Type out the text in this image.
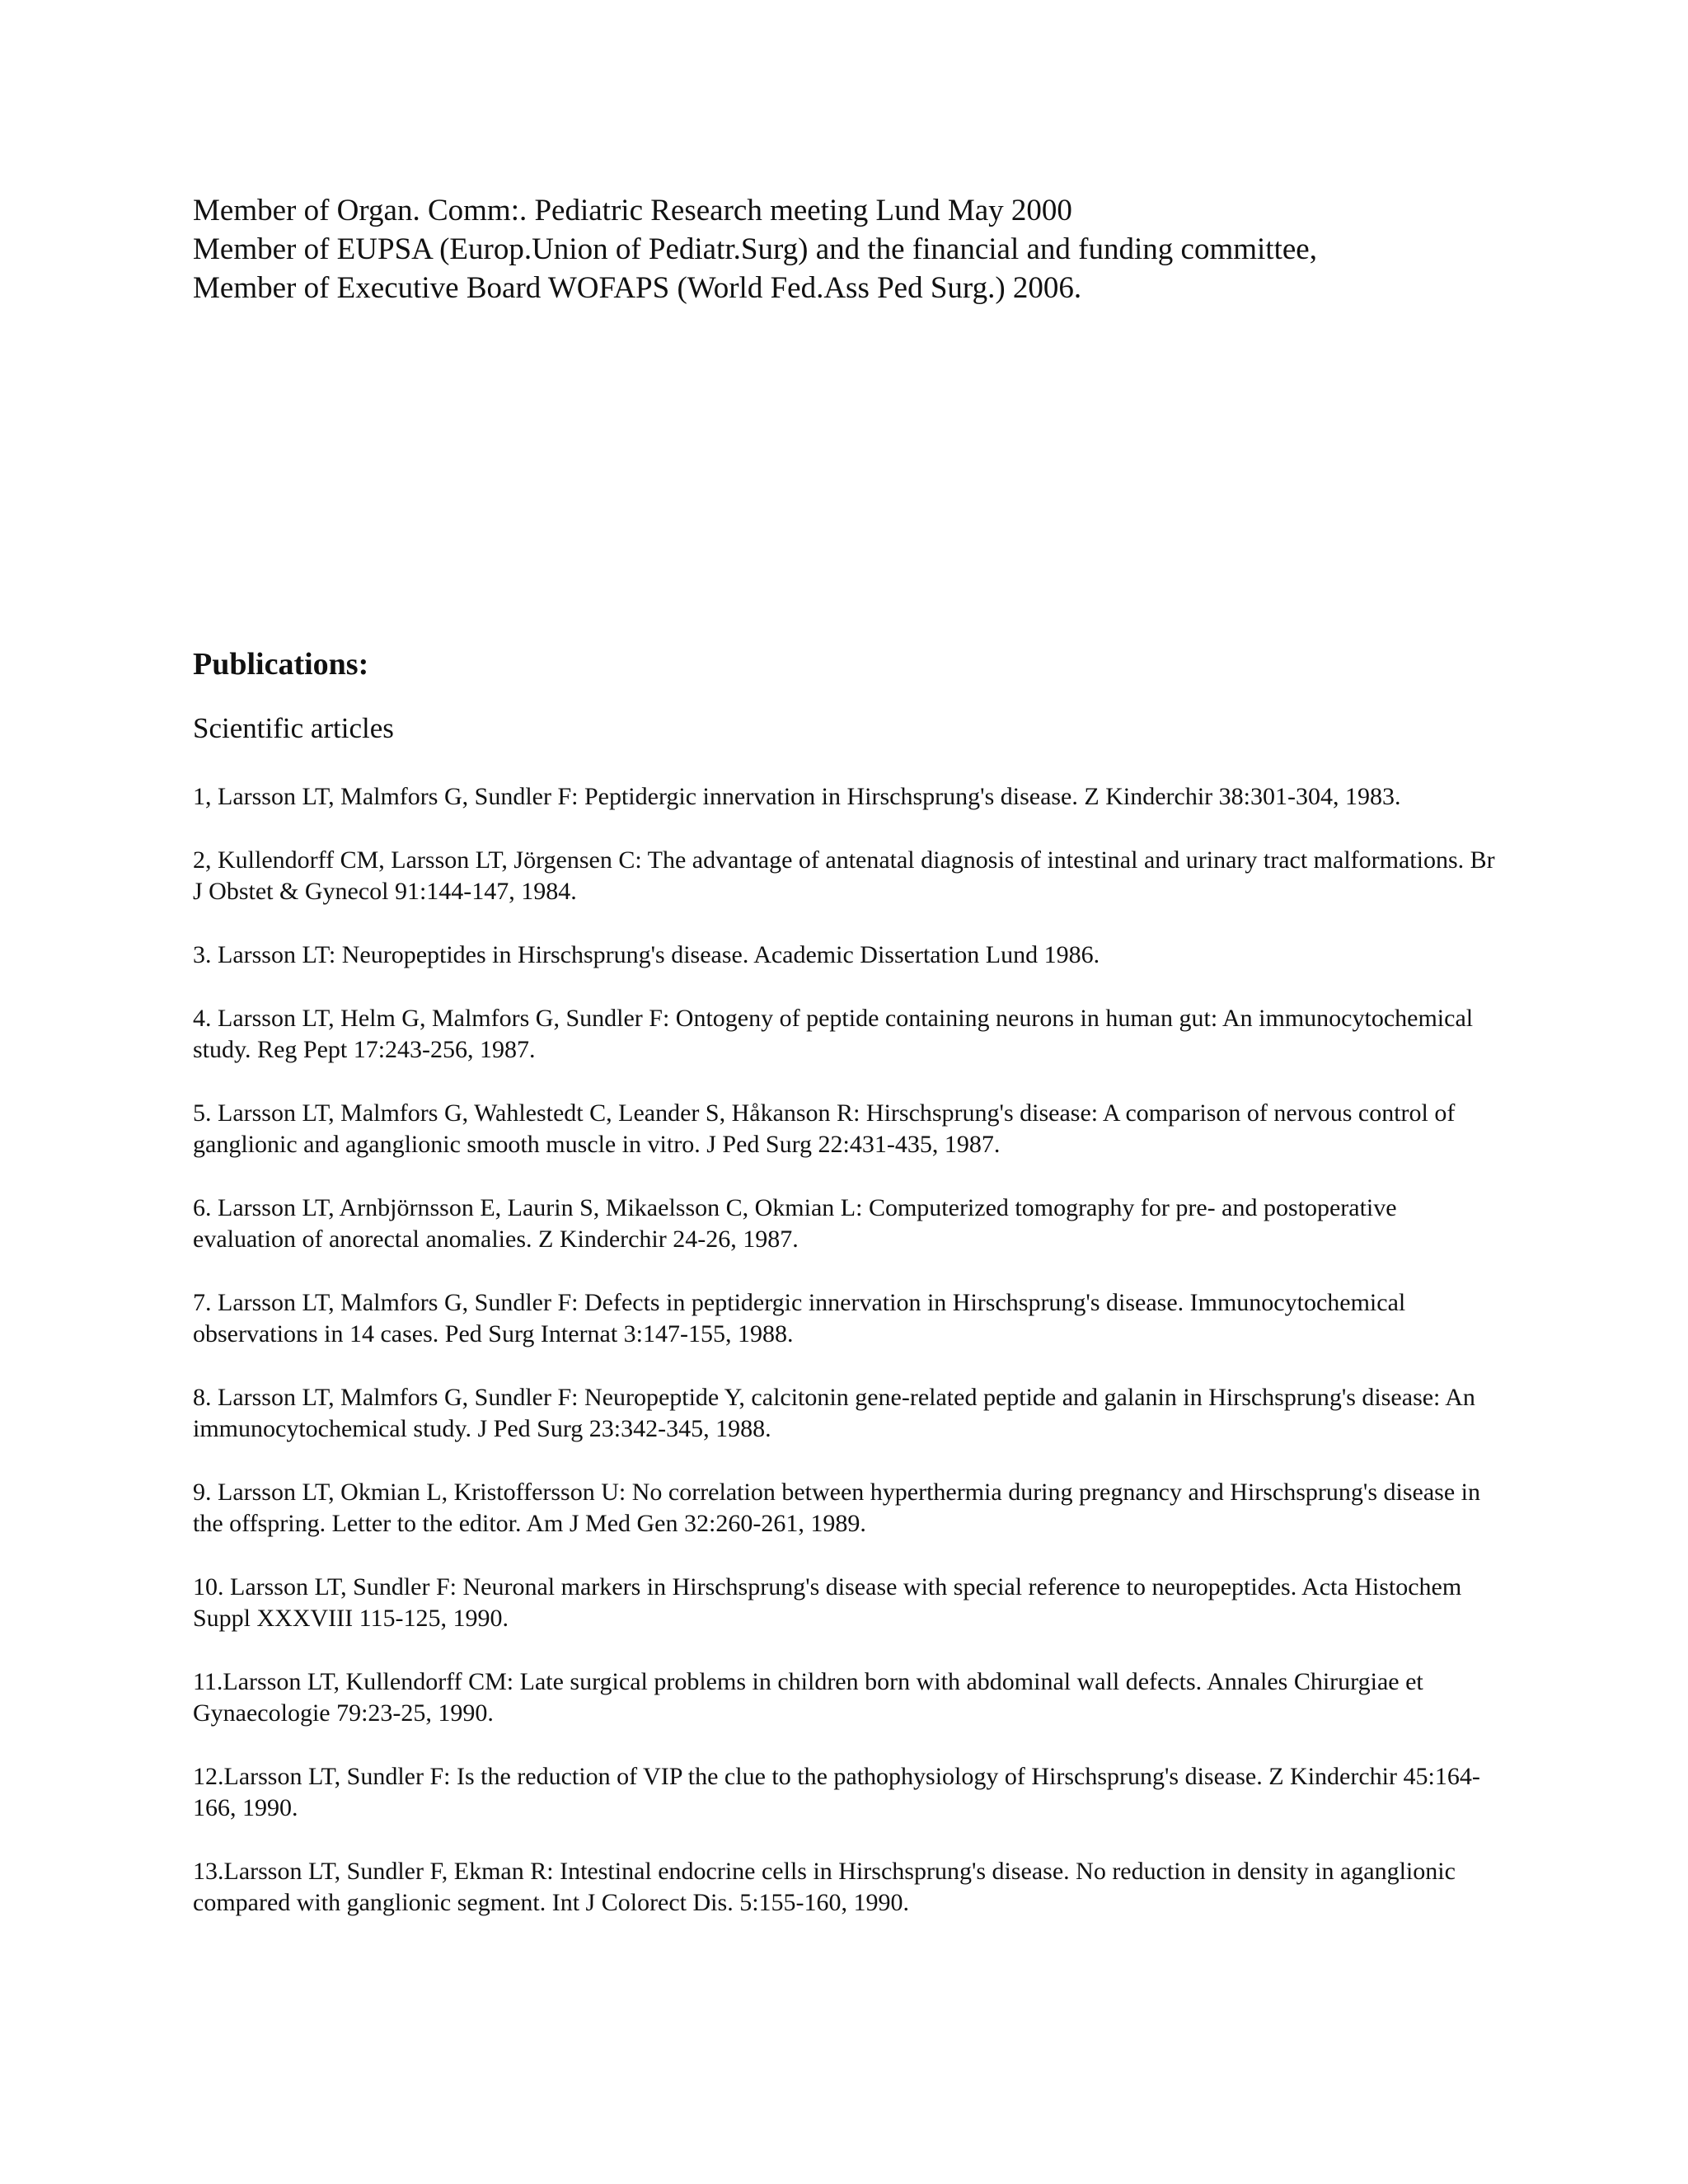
Member of Organ. Comm:. Pediatric Research meeting Lund May 2000
Member of EUPSA (Europ.Union of Pediatr.Surg) and the financial and funding committee,
Member of Executive Board WOFAPS (World Fed.Ass Ped Surg.) 2006.
Publications:
Scientific articles

1, Larsson LT, Malmfors G, Sundler F: Peptidergic innervation in Hirschsprung's disease. Z Kinderchir 38:301-304, 1983.

2, Kullendorff CM, Larsson LT, Jörgensen C: The advantage of antenatal diagnosis of intestinal and urinary tract malformations. Br J Obstet & Gynecol 91:144-147, 1984.

3. Larsson LT: Neuropeptides in Hirschsprung's disease. Academic Dissertation Lund 1986.

4. Larsson LT, Helm G, Malmfors G, Sundler F: Ontogeny of peptide containing neurons in human gut: An immunocytochemical study. Reg Pept 17:243-256, 1987.

5. Larsson LT, Malmfors G, Wahlestedt C, Leander S, Håkanson R: Hirschsprung's disease: A comparison of nervous control of ganglionic and aganglionic smooth muscle in vitro. J Ped Surg 22:431-435, 1987.

6. Larsson LT, Arnbjörnsson E, Laurin S, Mikaelsson C, Okmian L: Computerized tomography for pre- and postoperative evaluation of anorectal anomalies. Z Kinderchir 24-26, 1987.

7. Larsson LT, Malmfors G, Sundler F: Defects in peptidergic innervation in Hirschsprung's disease. Immunocytochemical observations in 14 cases. Ped Surg Internat 3:147-155, 1988.

8. Larsson LT, Malmfors G, Sundler F: Neuropeptide Y, calcitonin gene-related peptide and galanin in Hirschsprung's disease: An immunocytochemical study. J Ped Surg 23:342-345, 1988.

9. Larsson LT, Okmian L, Kristoffersson U: No correlation between hyperthermia during pregnancy and Hirschsprung's disease in the offspring. Letter to the editor. Am J Med Gen 32:260-261, 1989.

10. Larsson LT, Sundler F: Neuronal markers in Hirschsprung's disease with special reference to neuropeptides. Acta Histochem Suppl XXXVIII 115-125, 1990.

11.Larsson LT, Kullendorff CM: Late surgical problems in children born with abdominal wall defects. Annales Chirurgiae et Gynaecologie 79:23-25, 1990.

12.Larsson LT, Sundler F: Is the reduction of VIP the clue to the pathophysiology of Hirschsprung's disease. Z Kinderchir 45:164-166, 1990.

13.Larsson LT, Sundler F, Ekman R: Intestinal endocrine cells in Hirschsprung's disease. No reduction in density in aganglionic compared with ganglionic segment. Int J Colorect Dis. 5:155-160, 1990.
